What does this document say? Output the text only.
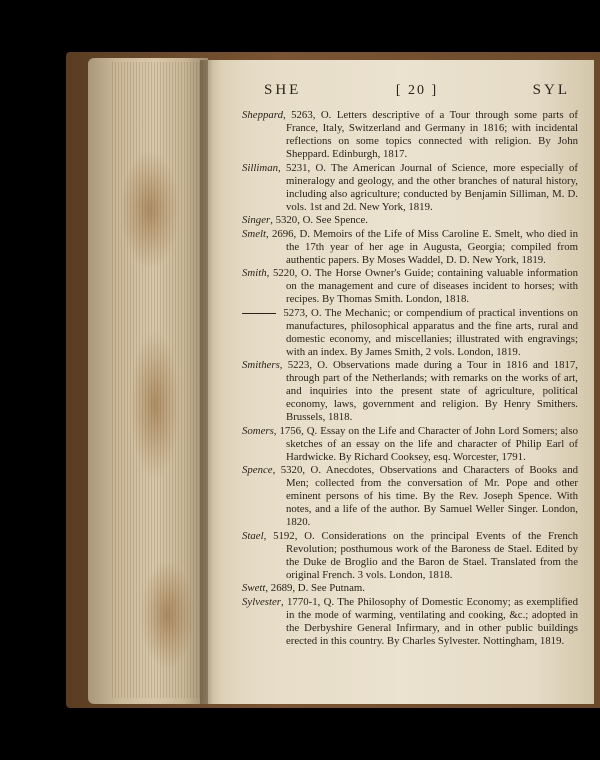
SHE	[ 20 ]	SYL
Sheppard, 5263, O. Letters descriptive of a Tour through some parts of France, Italy, Switzerland and Germany in 1816; with incidental reflections on some topics connected with religion. By John Sheppard. Edinburgh, 1817.
Silliman, 5231, O. The American Journal of Science, more especially of mineralogy and geology, and the other branches of natural history, including also agriculture; conducted by Benjamin Silliman, M. D. vols. 1st and 2d. New York, 1819.
Singer, 5320, O. See Spence.
Smelt, 2696, D. Memoirs of the Life of Miss Caroline E. Smelt, who died in the 17th year of her age in Augusta, Georgia; compiled from authentic papers. By Moses Waddel, D. D. New York, 1819.
Smith, 5220, O. The Horse Owner's Guide; containing valuable information on the management and cure of diseases incident to horses; with recipes. By Thomas Smith. London, 1818.
5273, O. The Mechanic; or compendium of practical inventions on manufactures, philosophical apparatus and the fine arts, rural and domestic economy, and miscellanies; illustrated with engravings; with an index. By James Smith, 2 vols. London, 1819.
Smithers, 5223, O. Observations made during a Tour in 1816 and 1817, through part of the Netherlands; with remarks on the works of art, and inquiries into the present state of agriculture, political economy, laws, government and religion. By Henry Smithers. Brussels, 1818.
Somers, 1756, Q. Essay on the Life and Character of John Lord Somers; also sketches of an essay on the life and character of Philip Earl of Hardwicke. By Richard Cooksey, esq. Worcester, 1791.
Spence, 5320, O. Anecdotes, Observations and Characters of Books and Men; collected from the conversation of Mr. Pope and other eminent persons of his time. By the Rev. Joseph Spence. With notes, and a life of the author. By Samuel Weller Singer. London, 1820.
Stael, 5192, O. Considerations on the principal Events of the French Revolution; posthumous work of the Baroness de Stael. Edited by the Duke de Broglio and the Baron de Stael. Translated from the original French. 3 vols. London, 1818.
Swett, 2689, D. See Putnam.
Sylvester, 1770-1, Q. The Philosophy of Domestic Economy; as exemplified in the mode of warming, ventilating and cooking, &c.; adopted in the Derbyshire General Infirmary, and in other public buildings erected in this country. By Charles Sylvester. Nottingham, 1819.
